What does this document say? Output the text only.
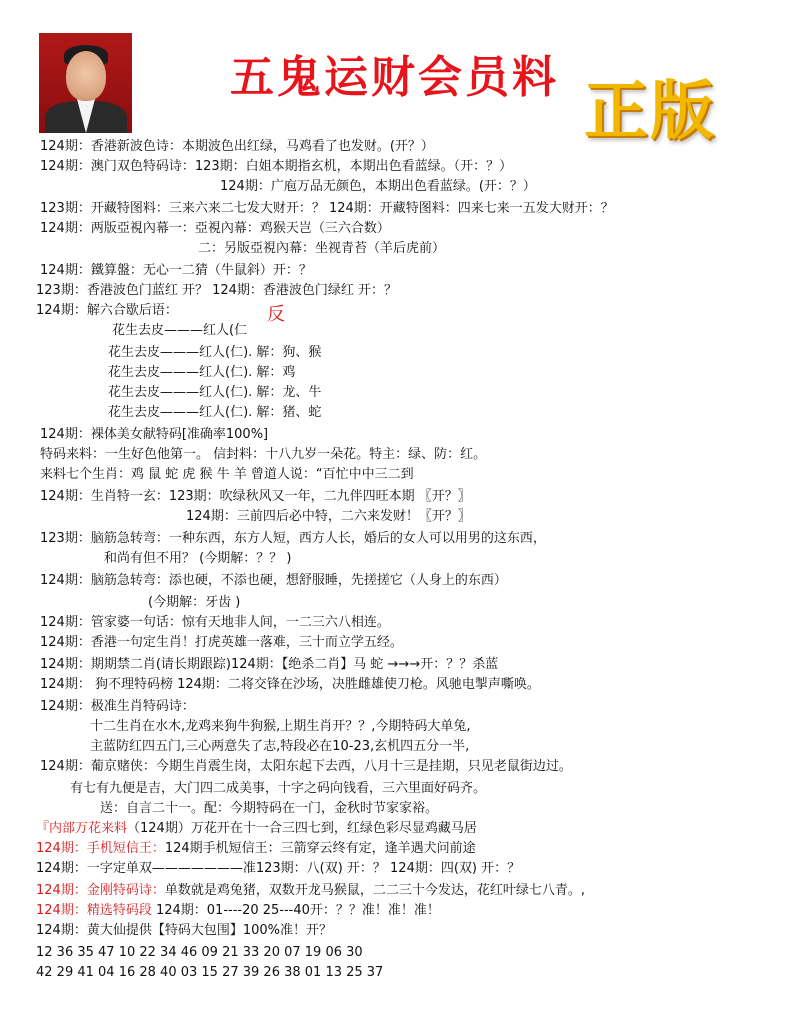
五鬼运财会员料 正版
124期：香港新波色诗：本期波色出红绿，马鸡看了也发财。(开？）
124期：澳门双色特码诗：123期：白姐本期指玄机，本期出色看蓝绿。（开：？）
124期：广庖万品无颜色，本期出色看蓝绿。(开：？）
123期：开藏特图料：三来六来二七发大财开：？ 124期：开藏特图料：四来七来一五发大财开：？
124期：两版亞視內幕一：亞視內幕：鸡猴天岂（三六合数）
二：另版亞視內幕：坐视青苔（羊后虎前）
124期：鐵算盤：无心一二猜（牛鼠斜）开：？
123期：香港波色门蓝红 开？ 124期：香港波色门绿红 开：？
124期：解六合歇后语：	反
花生去皮———红人(仁
花生去皮———红人(仁). 解：狗、猴
花生去皮———红人(仁). 解：鸡
花生去皮———红人(仁). 解：龙、牛
花生去皮———红人(仁). 解：猪、蛇
124期：裸体美女献特码[准确率100%]
特码来料：一生好色他第一。 信封料：十八九岁一朵花。特主：绿、防：红。
来料七个生肖：鸡 鼠 蛇 虎 猴 牛 羊 曾道人说：“百忙中中三二到
124期：生肖特一玄：123期：吹绿秋风又一年，二九伴四旺本期 〖开？〗
124期：三前四后必中特，二六来发财！〖开？〗
123期：脑筋急转弯：一种东西，东方人短，西方人长，婚后的女人可以用男的这东西，
和尚有但不用？ (今期解：？？ )
124期：脑筋急转弯：添也硬，不添也硬，想舒服睡，先搓搓它（人身上的东西）
(今期解：牙齿 )
124期：管家婆一句话：惊有天地非人间，一二三六八相连。
124期：香港一句定生肖！打虎英雄一落难，三十而立学五经。
124期：期期禁二肖(请长期跟踪)124期：【绝杀二肖】马 蛇 →→→开：？？杀蓝
124期： 狗不理特码榜 124期：二将交锋在沙场，决胜雌雄使刀枪。风驰电掣声嘶唤。
124期：极准生肖特码诗：
十二生肖在水木,龙鸡来狗牛狗猴,上期生肖开？？,今期特码大单兔,
主蓝防红四五门,三心两意失了志,特段必在10-23,玄机四五分一半,
124期：葡京赌侠：今期生肖震生岗，太阳东起下去西，八月十三是挂期，只见老鼠街边过。
有七有九便是吉，大门四二成美事，十字之码向钱看，三六里面好码齐。
送：自言二十一。配：今期特码在一门，金秋时节家家裕。
『内部万花来料（124期）万花开在十一合三四七到，红绿色彩尽显鸡藏马居
124期：手机短信王：124期手机短信王：三箭穿云终有定，逢羊遇犬问前途
124期：一字定单双———————准123期：八(双) 开：？ 124期：四(双) 开：？
124期：金刚特码诗：单数就是鸡兔猪，双数开龙马猴鼠，二二三十今发达，花红叶绿七八青。,
124期：精选特码段 124期：01----20 25---40开：？？准！准！准！
124期：黄大仙提供【特码大包围】100%准！开？
12 36 35 47 10 22 34 46 09 21 33 20 07 19 06 30
42 29 41 04 16 28 40 03 15 27 39 26 38 01 13 25 37
